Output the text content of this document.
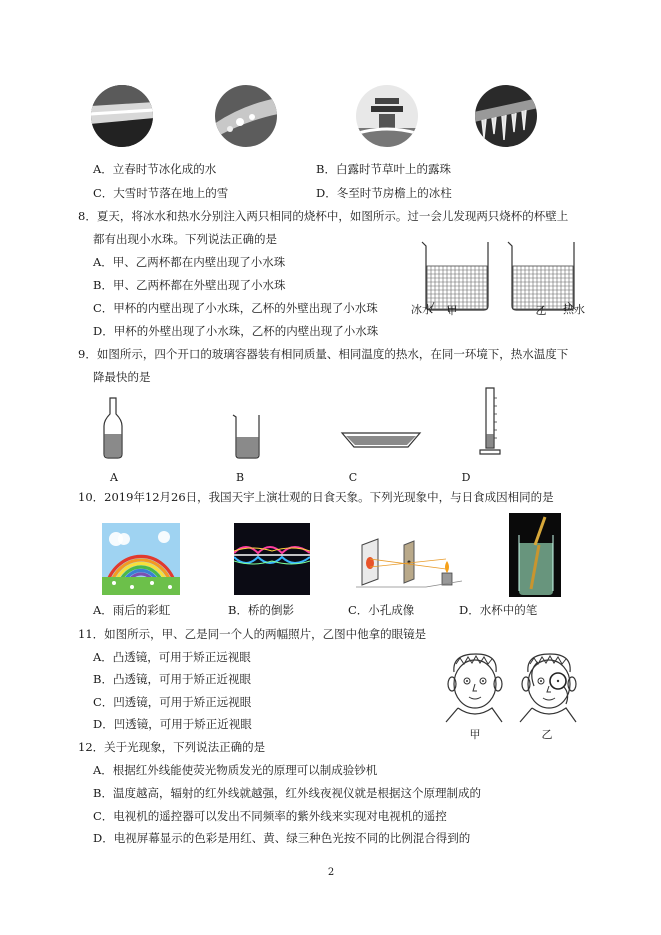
A．立春时节冰化成的水	B．白露时节草叶上的露珠
C．大雪时节落在地上的雪	D．冬至时节房檐上的冰柱
8．夏天，将冰水和热水分别注入两只相同的烧杯中，如图所示。过一会儿发现两只烧杯的杯壁上
都有出现小水珠。下列说法正确的是
A．甲、乙两杯都在内壁出现了小水珠
B．甲、乙两杯都在外壁出现了小水珠
C．甲杯的内壁出现了小水珠，乙杯的外壁出现了小水珠
D．甲杯的外壁出现了小水珠，乙杯的内壁出现了小水珠
冰水 甲	乙 热水
9．如图所示，四个开口的玻璃容器装有相同质量、相同温度的热水，在同一环境下，热水温度下
降最快的是
A	B	C	D
10．2019年12月26日，我国天宇上演壮观的日食天象。下列光现象中，与日食成因相同的是
A．雨后的彩虹	B．桥的倒影	C．小孔成像	D．水杯中的笔
11．如图所示，甲、乙是同一个人的两幅照片，乙图中他拿的眼镜是
A．凸透镜，可用于矫正远视眼
B．凸透镜，可用于矫正近视眼
C．凹透镜，可用于矫正远视眼
D．凹透镜，可用于矫正近视眼
甲	乙
12．关于光现象，下列说法正确的是
A．根据红外线能使荧光物质发光的原理可以制成验钞机
B．温度越高，辐射的红外线就越强，红外线夜视仪就是根据这个原理制成的
C．电视机的遥控器可以发出不同频率的紫外线来实现对电视机的遥控
D．电视屏幕显示的色彩是用红、黄、绿三种色光按不同的比例混合得到的
2
